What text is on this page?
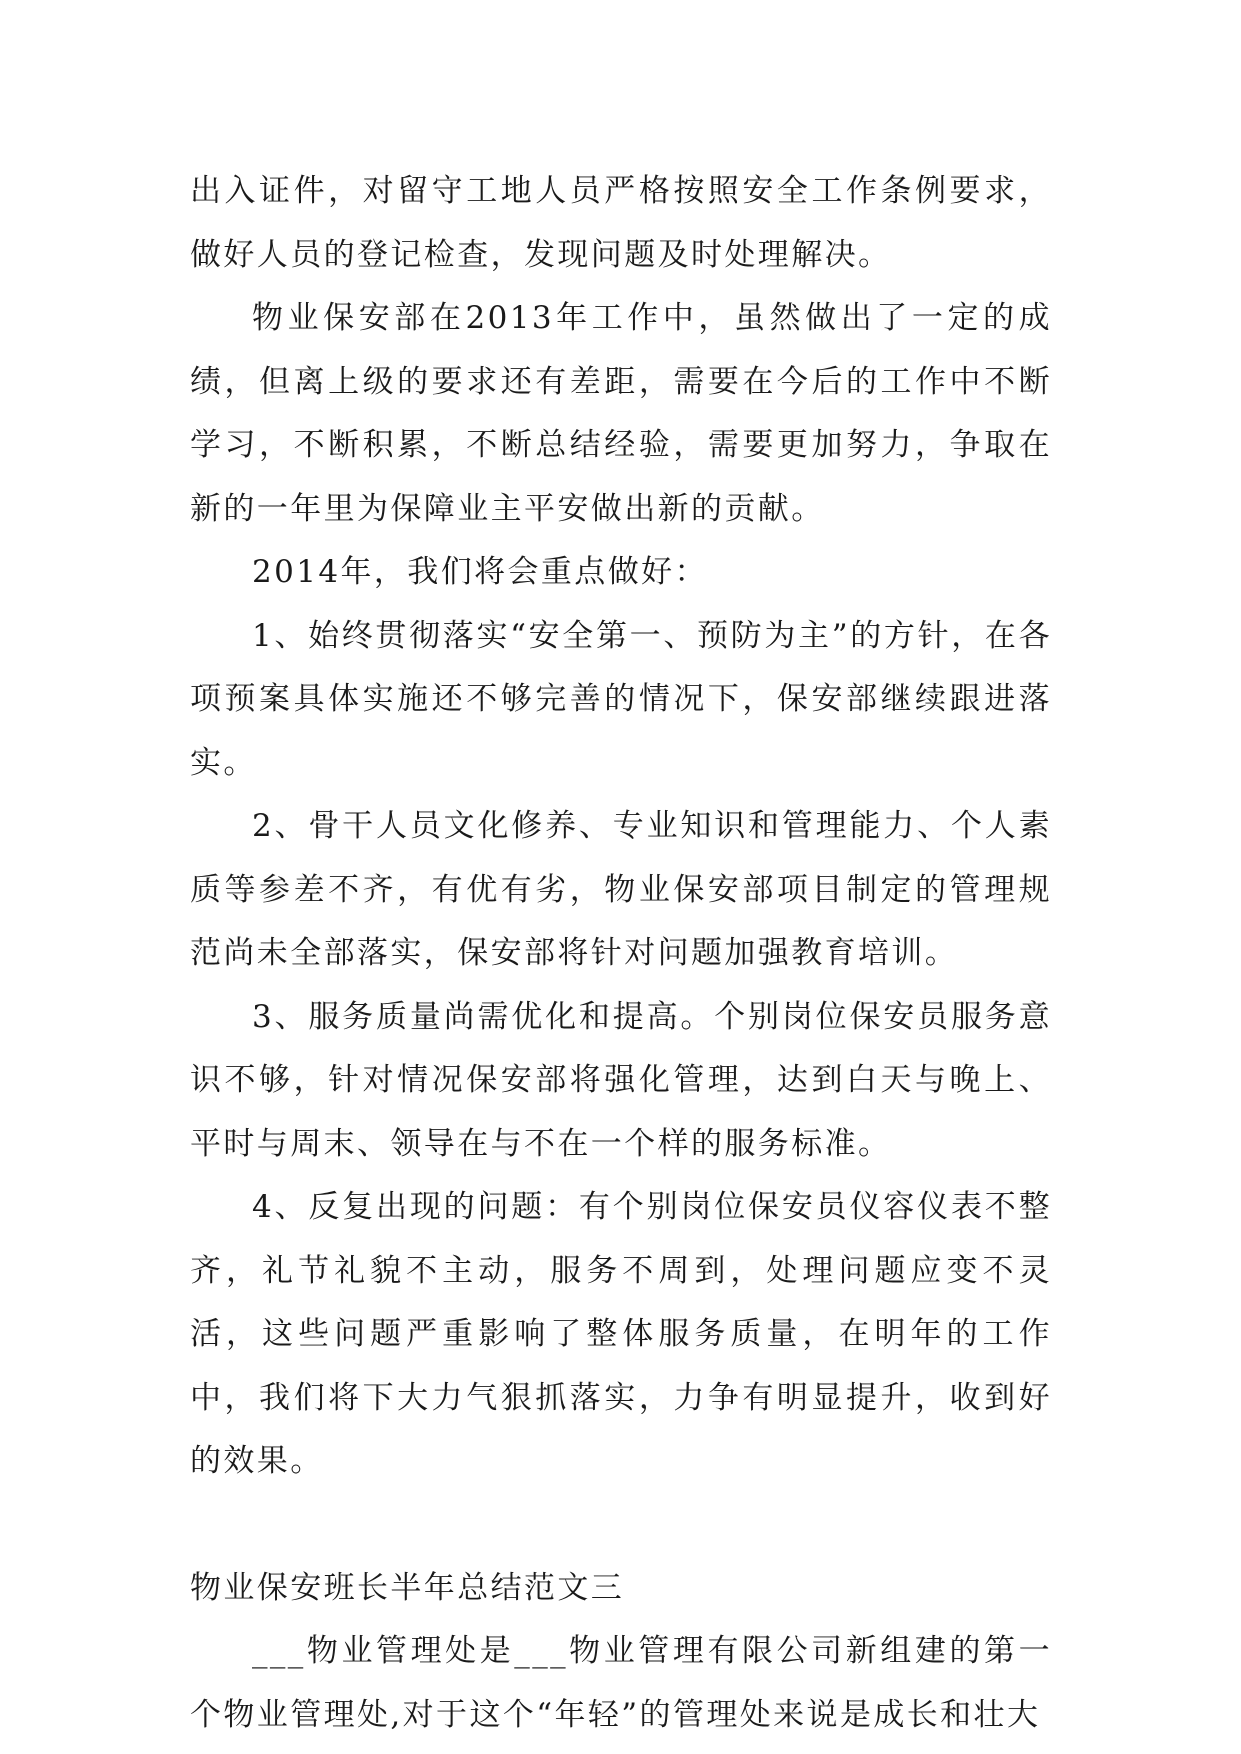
出入证件，对留守工地人员严格按照安全工作条例要求，做好人员的登记检查，发现问题及时处理解决。

物业保安部在2013年工作中，虽然做出了一定的成绩，但离上级的要求还有差距，需要在今后的工作中不断学习，不断积累，不断总结经验，需要更加努力，争取在新的一年里为保障业主平安做出新的贡献。

2014年，我们将会重点做好：

1、始终贯彻落实“安全第一、预防为主”的方针，在各项预案具体实施还不够完善的情况下，保安部继续跟进落实。

2、骨干人员文化修养、专业知识和管理能力、个人素质等参差不齐，有优有劣，物业保安部项目制定的管理规范尚未全部落实，保安部将针对问题加强教育培训。

3、服务质量尚需优化和提高。个别岗位保安员服务意识不够，针对情况保安部将强化管理，达到白天与晚上、平时与周末、领导在与不在一个样的服务标准。

4、反复出现的问题：有个别岗位保安员仪容仪表不整齐，礼节礼貌不主动，服务不周到，处理问题应变不灵活，这些问题严重影响了整体服务质量，在明年的工作中，我们将下大力气狠抓落实，力争有明显提升，收到好的效果。

物业保安班长半年总结范文三

___物业管理处是___物业管理有限公司新组建的第一个物业管理处,对于这个“年轻”的管理处来说是成长和壮大
